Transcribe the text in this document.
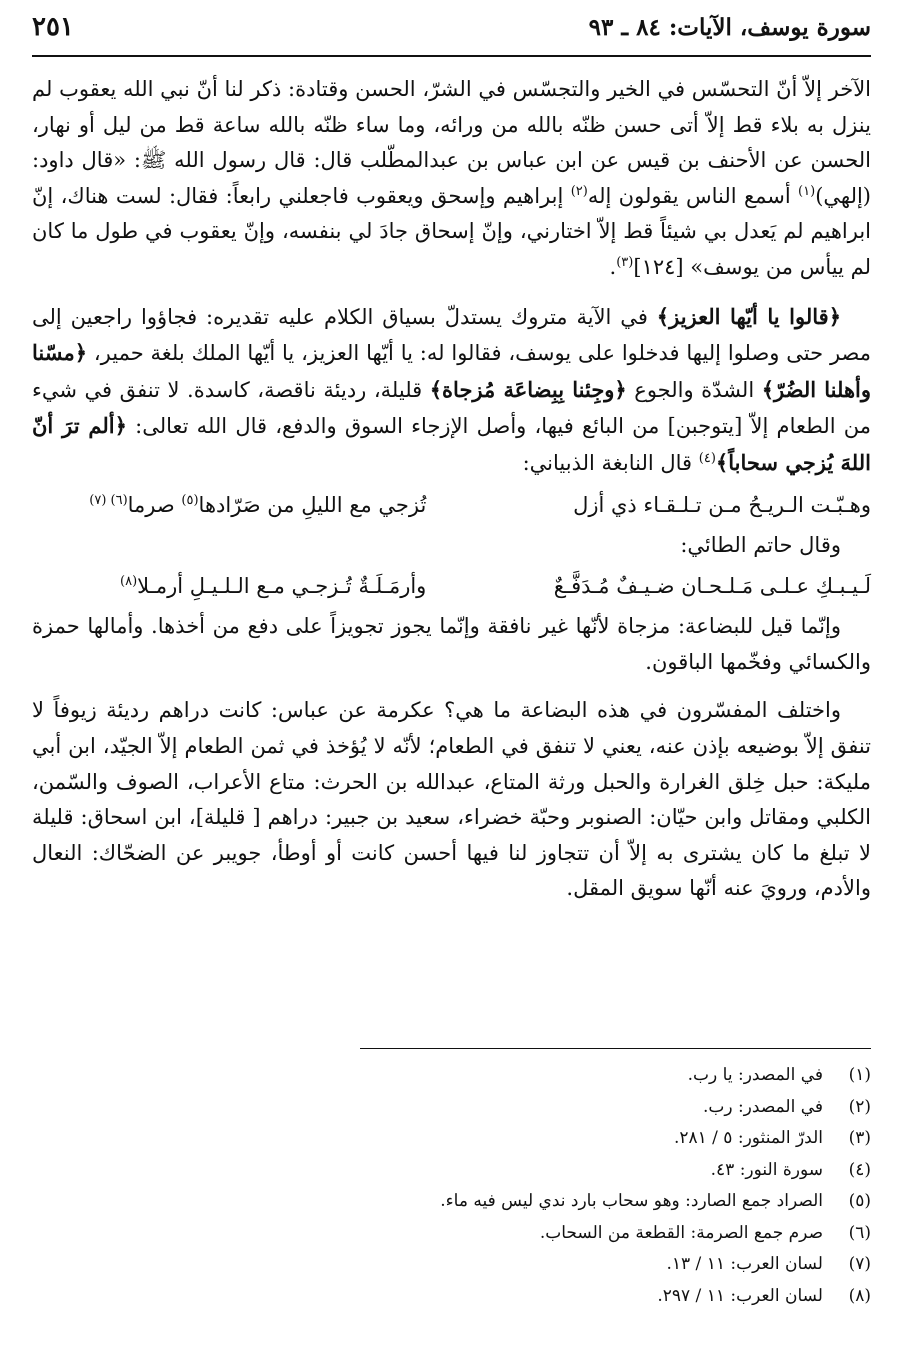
سورة يوسف، الآيات: ٨٤ ـ ٩٣
٢٥١

الآخر إلاّ أنّ التحسّس في الخير والتجسّس في الشرّ، الحسن وقتادة: ذكر لنا أنّ نبي الله يعقوب لم ينزل به بلاء قط إلاّ أتى حسن ظنّه بالله من ورائه، وما ساء ظنّه بالله ساعة قط من ليل أو نهار، الحسن عن الأحنف بن قيس عن ابن عباس بن عبدالمطّلب قال: قال رسول الله ﷺ: «قال داود: (إلهي)$^{(١)}$ أسمع الناس يقولون إله$^{(٢)}$ إبراهيم وإسحق ويعقوب فاجعلني رابعاً: فقال: لست هناك، إنّ ابراهيم لم يَعدل بي شيئاً قط إلاّ اختارني، وإنّ إسحاق جادَ لي بنفسه، وإنّ يعقوب في طول ما كان لم ييأس من يوسف» [١٢٤]$^{(٣)}$.

﴿قالوا يا أيّها العزيز﴾ في الآية متروك يستدلّ بسياق الكلام عليه تقديره: فجاؤوا راجعين إلى مصر حتى وصلوا إليها فدخلوا على يوسف، فقالوا له: يا أيّها العزيز، يا أيّها الملك بلغة حمير، ﴿مسّنا وأهلنا الضُرّ﴾ الشدّة والجوع ﴿وجِئنا بِبِضاعَة مُزجاة﴾ قليلة، رديئة ناقصة، كاسدة. لا تنفق في شيء من الطعام إلاّ [يتوجبن] من البائع فيها، وأصل الإزجاء السوق والدفع، قال الله تعالى: ﴿ألم ترَ أنّ اللهَ يُزجي سحاباً﴾$^{(٤)}$ قال النابغة الذبياني:

وهـبّـت الـريـحُ مـن تـلـقـاء ذي أزل
تُزجي مع الليلِ من صَرّادها$^{(٥)}$ صرما$^{(٦) (٧)}$

وقال حاتم الطائي:

لَـيـبـكِ عـلـى مَـلـحـان ضـيـفٌ مُـدَفَّـعٌ
وأرمَـلَـةٌ تُـزجـي مـع الـلـيـلِ أرمـلا$^{(٨)}$

وإنّما قيل للبضاعة: مزجاة لأنّها غير نافقة وإنّما يجوز تجويزاً على دفع من أخذها. وأمالها حمزة والكسائي وفخّمها الباقون.

واختلف المفسّرون في هذه البضاعة ما هي؟ عكرمة عن عباس: كانت دراهم رديئة زيوفاً لا تنفق إلاّ بوضيعه بإذن عنه، يعني لا تنفق في الطعام؛ لأنّه لا يُؤخذ في ثمن الطعام إلاّ الجيّد، ابن أبي مليكة: حبل خِلق الغرارة والحبل ورثة المتاع، عبدالله بن الحرث: متاع الأعراب، الصوف والسّمن، الكلبي ومقاتل وابن حيّان: الصنوبر وحبّة خضراء، سعيد بن جبير: دراهم [ قليلة]، ابن اسحاق: قليلة لا تبلغ ما كان يشترى به إلاّ أن تتجاوز لنا فيها أحسن كانت أو أوطأ، جويبر عن الضحّاك: النعال والأدم، ورويَ عنه أنّها سويق المقل.

(١)في المصدر: يا رب.
(٢)في المصدر: رب.
(٣)الدرّ المنثور: ٥ / ٢٨١.
(٤)سورة النور: ٤٣.
(٥)الصراد جمع الصارد: وهو سحاب بارد ندي ليس فيه ماء.
(٦)صرم جمع الصرمة: القطعة من السحاب.
(٧)لسان العرب: ١١ / ١٣.
(٨)لسان العرب: ١١ / ٢٩٧.
